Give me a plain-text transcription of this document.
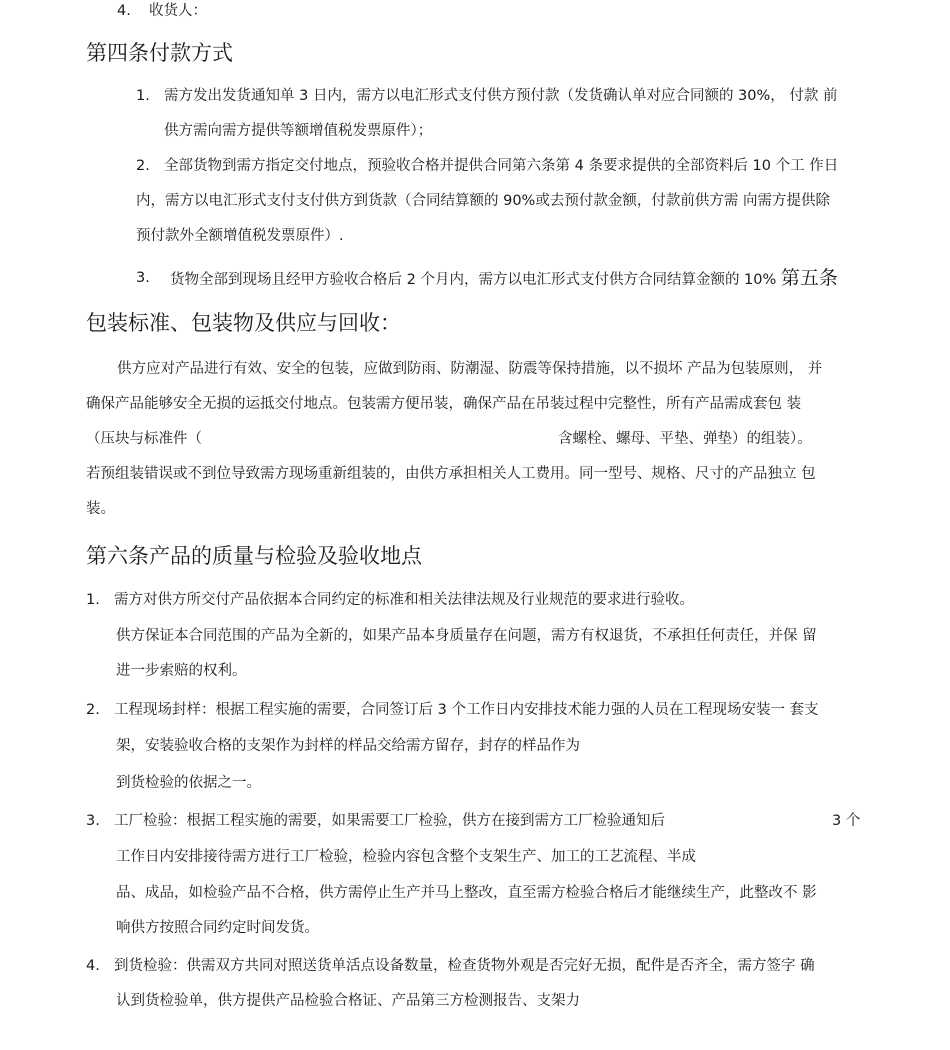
4. 收货人：
第四条付款方式
1. 需方发出发货通知单 3 日内，需方以电汇形式支付供方预付款（发货确认单对应合同额的 30%， 付款 前
供方需向需方提供等额增值税发票原件）；
2. 全部货物到需方指定交付地点，预验收合格并提供合同第六条第 4 条要求提供的全部资料后 10 个工 作日
内，需方以电汇形式支付支付供方到货款（合同结算额的 90%或去预付款金额，付款前供方需 向需方提供除
预付款外全额增值税发票原件）.
3. 货物全部到现场且经甲方验收合格后 2 个月内，需方以电汇形式支付供方合同结算金额的 10% 第五条
包装标准、包装物及供应与回收：
供方应对产品进行有效、安全的包装，应做到防雨、防潮湿、防震等保持措施，以不损坏 产品为包装原则， 并
确保产品能够安全无损的运抵交付地点。包装需方便吊装，确保产品在吊装过程中完整性，所有产品需成套包 装
（压块与标准件（	含螺栓、螺母、平垫、弹垫）的组装）。
若预组装错误或不到位导致需方现场重新组装的，由供方承担相关人工费用。同一型号、规格、尺寸的产品独立 包
装。
第六条产品的质量与检验及验收地点
1. 需方对供方所交付产品依据本合同约定的标准和相关法律法规及行业规范的要求进行验收。
供方保证本合同范围的产品为全新的，如果产品本身质量存在问题，需方有权退货，不承担任何责任，并保 留
进一步索赔的权利。
2. 工程现场封样：根据工程实施的需要，合同签订后 3 个工作日内安排技术能力强的人员在工程现场安装一 套支
架，安装验收合格的支架作为封样的样品交给需方留存，封存的样品作为
到货检验的依据之一。
3. 工厂检验：根据工程实施的需要，如果需要工厂检验，供方在接到需方工厂检验通知后	3 个
工作日内安排接待需方进行工厂检验，检验内容包含整个支架生产、加工的工艺流程、半成
品、成品，如检验产品不合格，供方需停止生产并马上整改，直至需方检验合格后才能继续生产，此整改不 影
响供方按照合同约定时间发货。
4. 到货检验：供需双方共同对照送货单活点设备数量，检查货物外观是否完好无损，配件是否齐全，需方签字 确
认到货检验单，供方提供产品检验合格证、产品第三方检测报告、支架力
